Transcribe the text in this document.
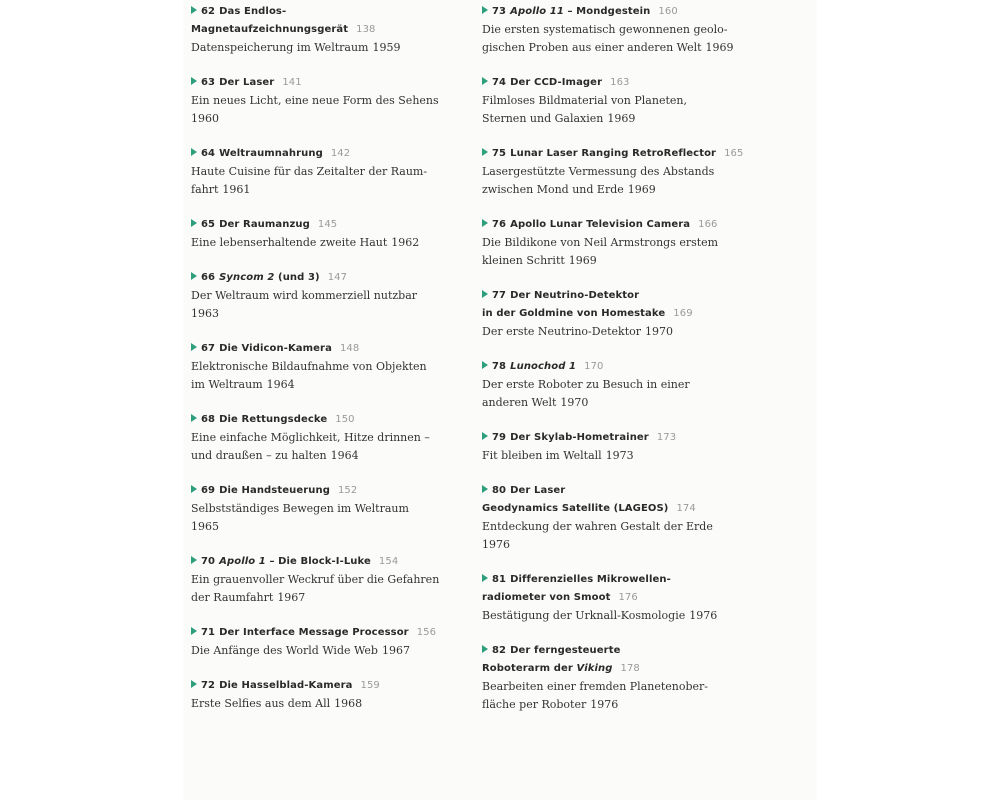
62 Das Endlos-
Magnetaufzeichnungsgerät 138
Datenspeicherung im Weltraum 1959
63 Der Laser 141
Ein neues Licht, eine neue Form des Sehens
1960
64 Weltraumnahrung 142
Haute Cuisine für das Zeitalter der Raum-
fahrt 1961
65 Der Raumanzug 145
Eine lebenserhaltende zweite Haut 1962
66 Syncom 2 (und 3) 147
Der Weltraum wird kommerziell nutzbar
1963
67 Die Vidicon-Kamera 148
Elektronische Bildaufnahme von Objekten
im Weltraum 1964
68 Die Rettungsdecke 150
Eine einfache Möglichkeit, Hitze drinnen –
und draußen – zu halten 1964
69 Die Handsteuerung 152
Selbstständiges Bewegen im Weltraum
1965
70 Apollo 1 – Die Block-I-Luke 154
Ein grauenvoller Weckruf über die Gefahren
der Raumfahrt 1967
71 Der Interface Message Processor 156
Die Anfänge des World Wide Web 1967
72 Die Hasselblad-Kamera 159
Erste Selfies aus dem All 1968
73 Apollo 11 – Mondgestein 160
Die ersten systematisch gewonnenen geolo-
gischen Proben aus einer anderen Welt 1969
74 Der CCD-Imager 163
Filmloses Bildmaterial von Planeten,
Sternen und Galaxien 1969
75 Lunar Laser Ranging RetroReflector 165
Lasergestützte Vermessung des Abstands
zwischen Mond und Erde 1969
76 Apollo Lunar Television Camera 166
Die Bildikone von Neil Armstrongs erstem
kleinen Schritt 1969
77 Der Neutrino-Detektor
in der Goldmine von Homestake 169
Der erste Neutrino-Detektor 1970
78 Lunochod 1 170
Der erste Roboter zu Besuch in einer
anderen Welt 1970
79 Der Skylab-Hometrainer 173
Fit bleiben im Weltall 1973
80 Der Laser
Geodynamics Satellite (LAGEOS) 174
Entdeckung der wahren Gestalt der Erde
1976
81 Differenzielles Mikrowellen-
radiometer von Smoot 176
Bestätigung der Urknall-Kosmologie 1976
82 Der ferngesteuerte
Roboterarm der Viking 178
Bearbeiten einer fremden Planetenober-
fläche per Roboter 1976
